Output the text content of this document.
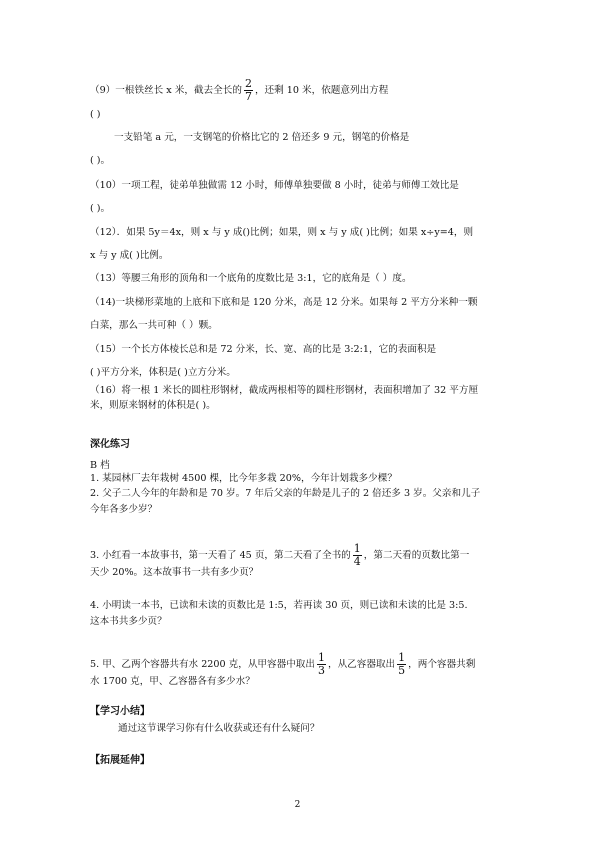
（9）一根铁丝长 x 米，截去全长的 $\frac{2}{7}$ ，还剩 10 米，依题意列出方程
( )
一支铅笔 a 元，一支钢笔的价格比它的 2 倍还多 9 元，钢笔的价格是
( )。
（10）一项工程，徒弟单独做需 12 小时，师傅单独要做 8 小时，徒弟与师傅工效比是
( )。
（12）．如果 5y＝4x，则 x 与 y 成()比例；如果，则 x 与 y 成( )比例；如果 x÷y=4，则
x 与 y 成( )比例。
（13）等腰三角形的顶角和一个底角的度数比是 3:1，它的底角是（ ）度。
（14)一块梯形菜地的上底和下底和是 120 分米，高是 12 分米。如果每 2 平方分米种一颗
白菜，那么一共可种（ ）颗。
（15）一个长方体棱长总和是 72 分米，长、宽、高的比是 3:2:1，它的表面积是
( )平方分米，体积是( )立方分米。
（16）将一根 1 米长的圆柱形钢材，截成两根相等的圆柱形钢材，表面积增加了 32 平方厘
米，则原来钢材的体积是( )。
深化练习
B 档
1. 某园林厂去年栽树 4500 棵，比今年多栽 20%，今年计划栽多少棵？
2. 父子二人今年的年龄和是 70 岁。7 年后父亲的年龄是儿子的 2 倍还多 3 岁。父亲和儿子
今年各多少岁？
3. 小红看一本故事书，第一天看了 45 页，第二天看了全书的 $\frac{1}{4}$ ，第二天看的页数比第一
天少 20%。这本故事书一共有多少页？
4. 小明读一本书，已读和未读的页数比是 1:5，若再读 30 页，则已读和未读的比是 3:5.
这本书共多少页？
5. 甲、乙两个容器共有水 2200 克，从甲容器中取出 $\frac{1}{3}$ ，从乙容器取出 $\frac{1}{5}$ ，两个容器共剩
水 1700 克，甲、乙容器各有多少水？
【学习小结】
通过这节课学习你有什么收获或还有什么疑问？
【拓展延伸】
2
